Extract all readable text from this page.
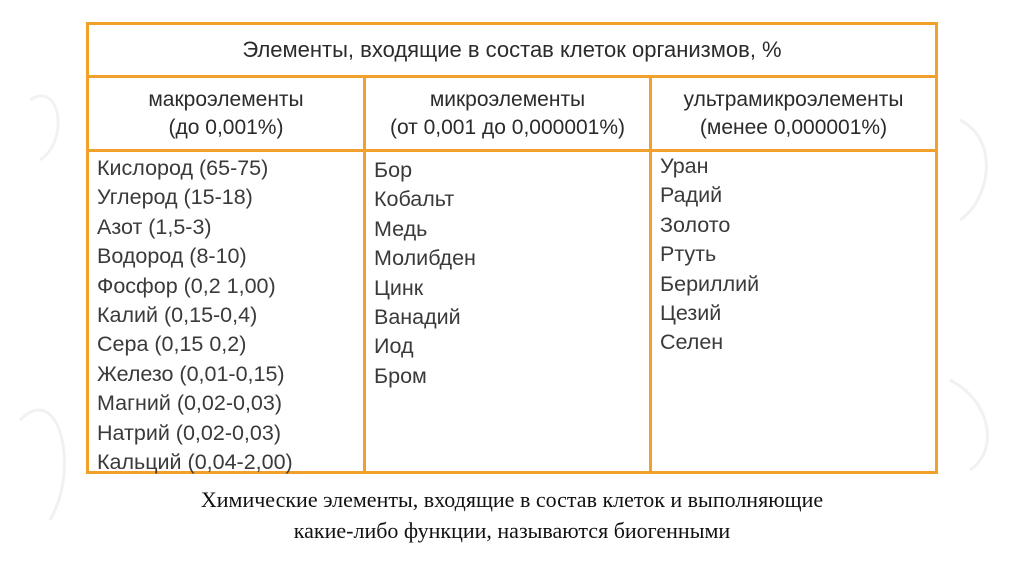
Элементы, входящие в состав клеток организмов, %
макроэлементы
(до 0,001%)
микроэлементы
(от 0,001 до 0,000001%)
ультрамикроэлементы
(менее 0,000001%)
Кислород (65-75)
Углерод (15-18)
Азот (1,5-3)
Водород (8-10)
Фосфор (0,2 1,00)
Калий (0,15-0,4)
Сера (0,15 0,2)
Железо (0,01-0,15)
Магний (0,02-0,03)
Натрий (0,02-0,03)
Кальций (0,04-2,00)
Бор
Кобальт
Медь
Молибден
Цинк
Ванадий
Иод
Бром
Уран
Радий
Золото
Ртуть
Бериллий
Цезий
Селен
Химические элементы, входящие в состав клеток и выполняющие
какие-либо функции, называются биогенными
